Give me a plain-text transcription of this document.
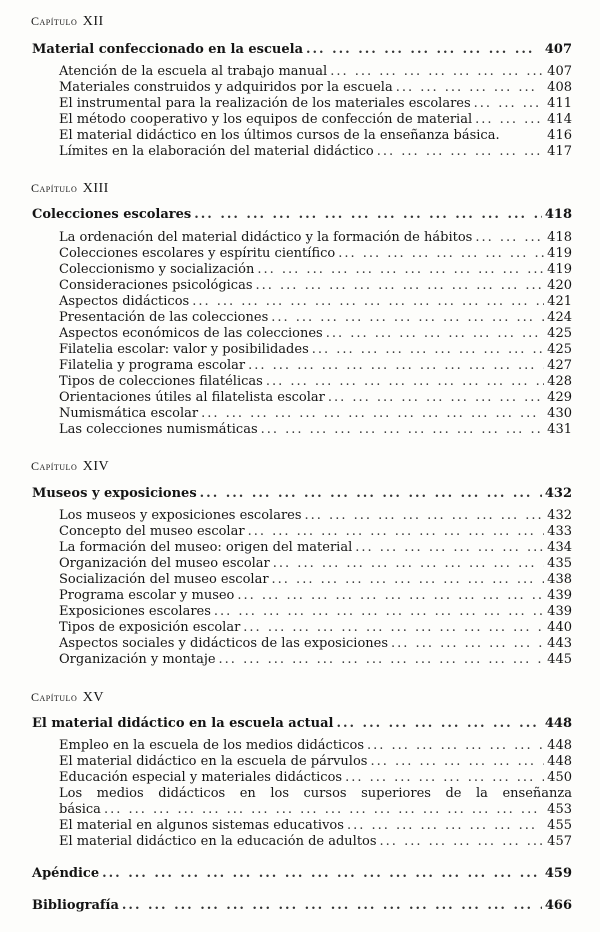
Capítulo XII
Material confeccionado en la escuela ... .	407
Atención de la escuela al trabajo manual ... .	407
Materiales construidos y adquiridos por la escuela ... .	408
El instrumental para la realización de los materiales escolares ... .	411
El método cooperativo y los equipos de confección de material ... .	414
El material didáctico en los últimos cursos de la enseñanza básica.	416
Límites en la elaboración del material didáctico ... .	417
Capítulo XIII
Colecciones escolares ... .	418
La ordenación del material didáctico y la formación de hábitos ... .	418
Colecciones escolares y espíritu científico ... .	419
Coleccionismo y socialización ... .	419
Consideraciones psicológicas ... .	420
Aspectos didácticos ... .	421
Presentación de las colecciones ... .	424
Aspectos económicos de las colecciones ... .	425
Filatelia escolar: valor y posibilidades ... .	425
Filatelia y programa escolar ... .	427
Tipos de colecciones filatélicas ... .	428
Orientaciones útiles al filatelista escolar ... .	429
Numismática escolar ... .	430
Las colecciones numismáticas ... .	431
Capítulo XIV
Museos y exposiciones ... .	432
Los museos y exposiciones escolares ... .	432
Concepto del museo escolar ... .	433
La formación del museo: origen del material ... .	434
Organización del museo escolar ... .	435
Socialización del museo escolar ... .	438
Programa escolar y museo ... .	439
Exposiciones escolares ... .	439
Tipos de exposición escolar ... .	440
Aspectos sociales y didácticos de las exposiciones ... .	443
Organización y montaje ... .	445
Capítulo XV
El material didáctico en la escuela actual ... .	448
Empleo en la escuela de los medios didácticos ... .	448
El material didáctico en la escuela de párvulos ... .	448
Educación especial y materiales didácticos ... .	450
Los medios didácticos en los cursos superiores de la enseñanza
básica ... .	453
El material en algunos sistemas educativos ... .	455
El material didáctico en la educación de adultos ... .	457
Apéndice ... .	459
Bibliografía ... .	466
